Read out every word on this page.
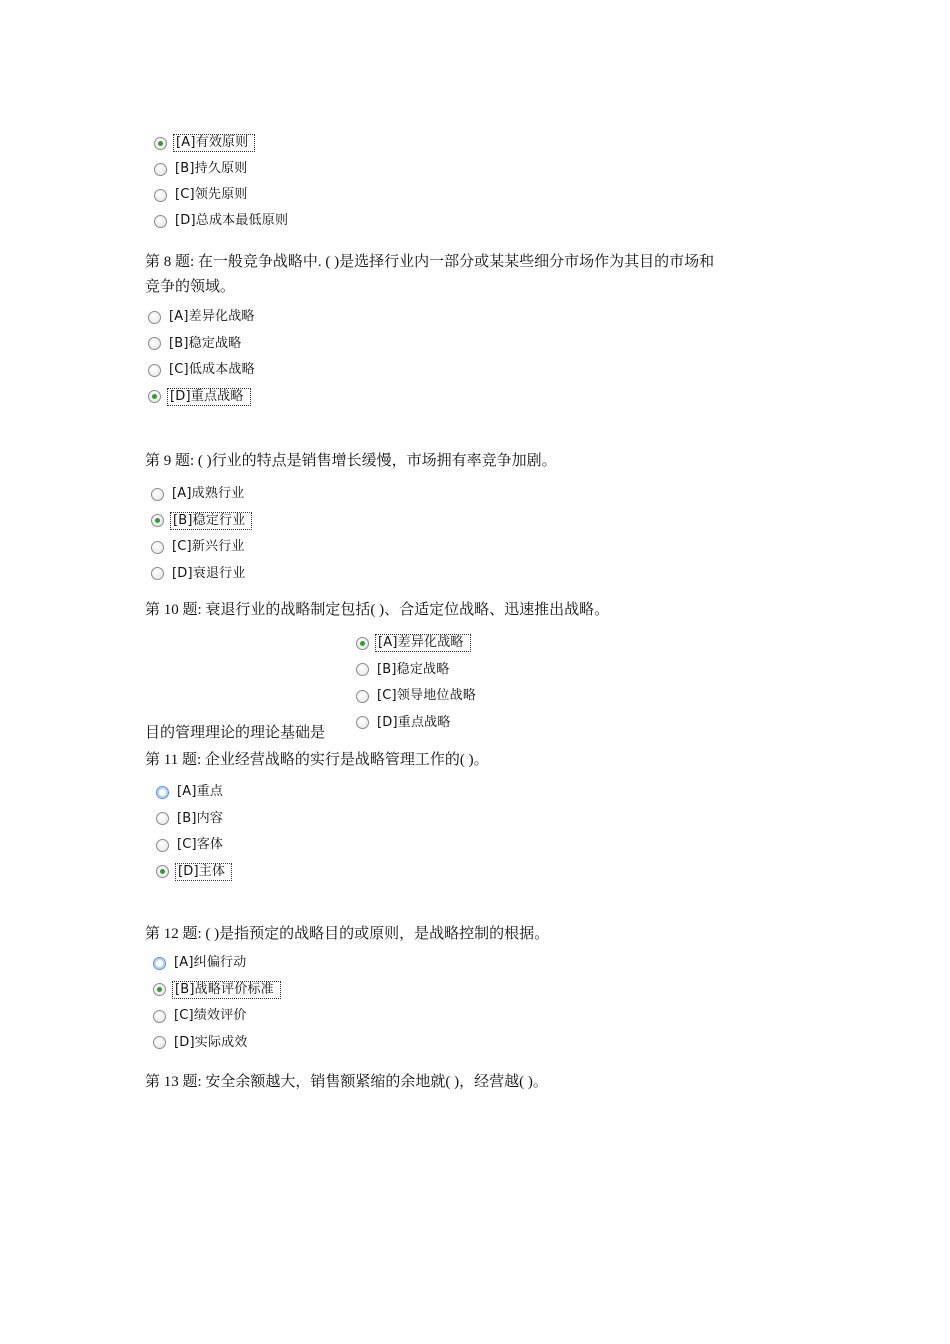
[A]有效原则
[B]持久原则
[C]领先原则
[D]总成本最低原则
第 8 题: 在一般竞争战略中. ( )是选择行业内一部分或某某些细分市场作为其目的市场和
竞争的领域。
[A]差异化战略
[B]稳定战略
[C]低成本战略
[D]重点战略
第 9 题: ( )行业的特点是销售增长缓慢，市场拥有率竞争加剧。
[A]成熟行业
[B]稳定行业
[C]新兴行业
[D]衰退行业
第 10 题: 衰退行业的战略制定包括( )、合适定位战略、迅速推出战略。
[A]差异化战略
[B]稳定战略
[C]领导地位战略
[D]重点战略
目的管理理论的理论基础是
第 11 题: 企业经营战略的实行是战略管理工作的( )。
[A]重点
[B]内容
[C]客体
[D]主体
第 12 题: ( )是指预定的战略目的或原则，是战略控制的根据。
[A]纠偏行动
[B]战略评价标准
[C]绩效评价
[D]实际成效
第 13 题: 安全余额越大，销售额紧缩的余地就( )，经营越( )。
